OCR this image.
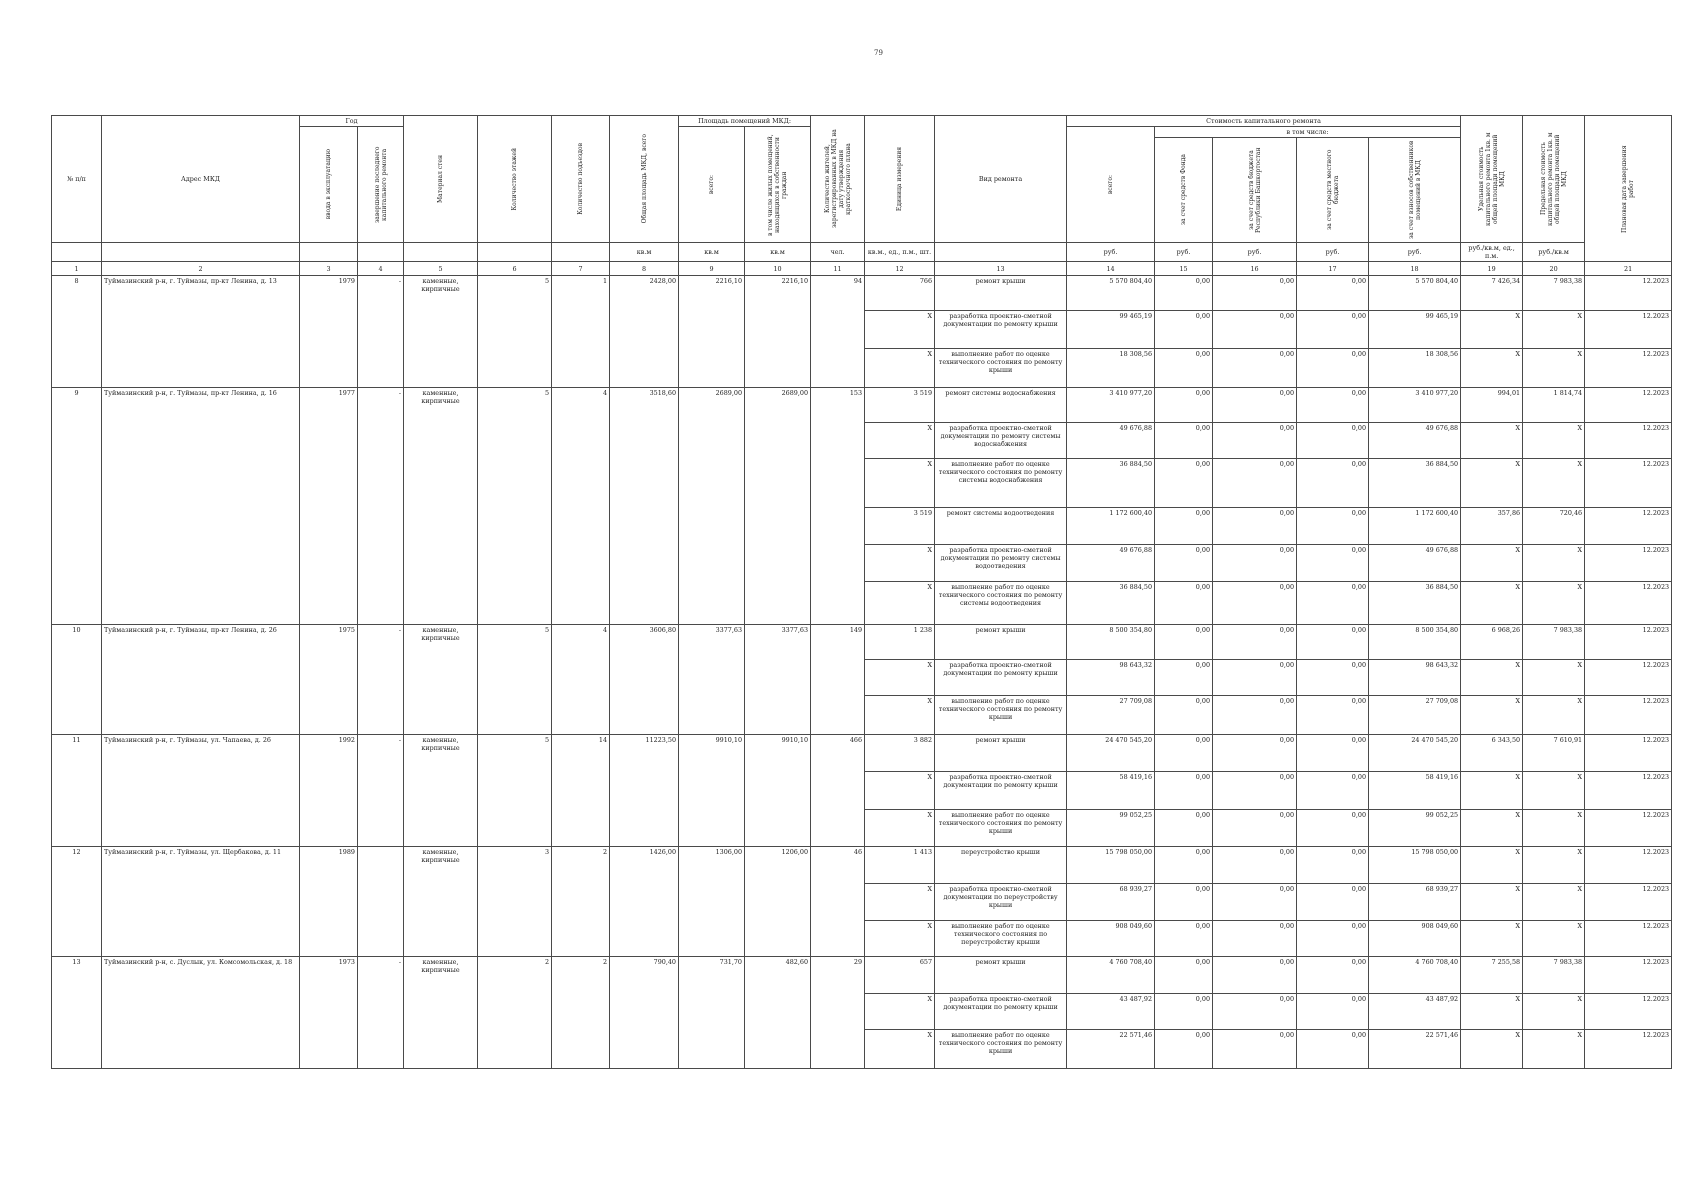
79
№ п/п	Адрес МКД	Год		Материал стен	Количество этажей	Количество подъездов	Общая площадь МКД, всего	Площадь помещений МКД:		Количество жителей, зарегистрированных в МКД на дату утверждения краткосрочного плана	Единица измерения	Вид ремонта	Стоимость капитального ремонта					Удельная стоимость капитального ремонта 1кв. м общей площади помещений МКД	Предельная стоимость капитального ремонта 1кв. м общей площади помещений МКД	Плановая дата завершения работ

		ввода в эксплуатацию	завершение последнего капитального ремонта					всего:	в том числе жилых помещений, находящихся в собственности граждан				всего:	в том числе:						

														за счет средств Фонда	за счет средств бюджета Республики Башкортостан	за счет средств местного бюджета	за счет взносов собственников помещений в МКД			

							кв.м	кв.м	кв.м	чел.	кв.м., ед., п.м., шт.		руб.	руб.	руб.	руб.	руб.	руб./кв.м, ед., п.м.	руб./кв.м	
1	2	3	4	5	6	7	8	9	10	11	12	13	14	15	16	17	18	19	20	21
8	Туймазинский р-н, г. Туймазы, пр-кт Ленина, д. 13	1979	-	каменные, кирпичные	5	1	2428,00	2216,10	2216,10	94	766	ремонт крыши	5 570 804,40	0,00	0,00	0,00	5 570 804,40	7 426,34	7 983,38	12.2023
											X	разработка проектно-сметной документации по ремонту крыши	99 465,19	0,00	0,00	0,00	99 465,19	X	X	12.2023
											X	выполнение работ по оценке технического состояния по ремонту крыши	18 308,56	0,00	0,00	0,00	18 308,56	X	X	12.2023
9	Туймазинский р-н, г. Туймазы, пр-кт Ленина, д. 16	1977	-	каменные, кирпичные	5	4	3518,60	2689,00	2689,00	153	3 519	ремонт системы водоснабжения	3 410 977,20	0,00	0,00	0,00	3 410 977,20	994,01	1 814,74	12.2023
											X	разработка проектно-сметной документации по ремонту системы водоснабжения	49 676,88	0,00	0,00	0,00	49 676,88	X	X	12.2023
											X	выполнение работ по оценке технического состояния по ремонту системы водоснабжения	36 884,50	0,00	0,00	0,00	36 884,50	X	X	12.2023
											3 519	ремонт системы водоотведения	1 172 600,40	0,00	0,00	0,00	1 172 600,40	357,86	720,46	12.2023
											X	разработка проектно-сметной документации по ремонту системы водоотведения	49 676,88	0,00	0,00	0,00	49 676,88	X	X	12.2023
											X	выполнение работ по оценке технического состояния по ремонту системы водоотведения	36 884,50	0,00	0,00	0,00	36 884,50	X	X	12.2023
10	Туймазинский р-н, г. Туймазы, пр-кт Ленина, д. 26	1975	-	каменные, кирпичные	5	4	3606,80	3377,63	3377,63	149	1 238	ремонт крыши	8 500 354,80	0,00	0,00	0,00	8 500 354,80	6 968,26	7 983,38	12.2023
											X	разработка проектно-сметной документации по ремонту крыши	98 643,32	0,00	0,00	0,00	98 643,32	X	X	12.2023
											X	выполнение работ по оценке технического состояния по ремонту крыши	27 709,08	0,00	0,00	0,00	27 709,08	X	X	12.2023
11	Туймазинский р-н, г. Туймазы, ул. Чапаева, д. 26	1992	-	каменные, кирпичные	5	14	11223,50	9910,10	9910,10	466	3 882	ремонт крыши	24 470 545,20	0,00	0,00	0,00	24 470 545,20	6 343,50	7 610,91	12.2023
											X	разработка проектно-сметной документации по ремонту крыши	58 419,16	0,00	0,00	0,00	58 419,16	X	X	12.2023
											X	выполнение работ по оценке технического состояния по ремонту крыши	99 052,25	0,00	0,00	0,00	99 052,25	X	X	12.2023
12	Туймазинский р-н, г. Туймазы, ул. Щербакова, д. 11	1989		каменные, кирпичные	3	2	1426,00	1306,00	1206,00	46	1 413	переустройство крыши	15 798 050,00	0,00	0,00	0,00	15 798 050,00	X	X	12.2023
											X	разработка проектно-сметной документации по переустройству крыши	68 939,27	0,00	0,00	0,00	68 939,27	X	X	12.2023
											X	выполнение работ по оценке технического состояния по переустройству крыши	908 049,60	0,00	0,00	0,00	908 049,60	X	X	12.2023
13	Туймазинский р-н, с. Дуслык, ул. Комсомольская, д. 18	1973	-	каменные, кирпичные	2	2	790,40	731,70	482,60	29	657	ремонт крыши	4 760 708,40	0,00	0,00	0,00	4 760 708,40	7 255,58	7 983,38	12.2023
											X	разработка проектно-сметной документации по ремонту крыши	43 487,92	0,00	0,00	0,00	43 487,92	X	X	12.2023
											X	выполнение работ по оценке технического состояния по ремонту крыши	22 571,46	0,00	0,00	0,00	22 571,46	X	X	12.2023
